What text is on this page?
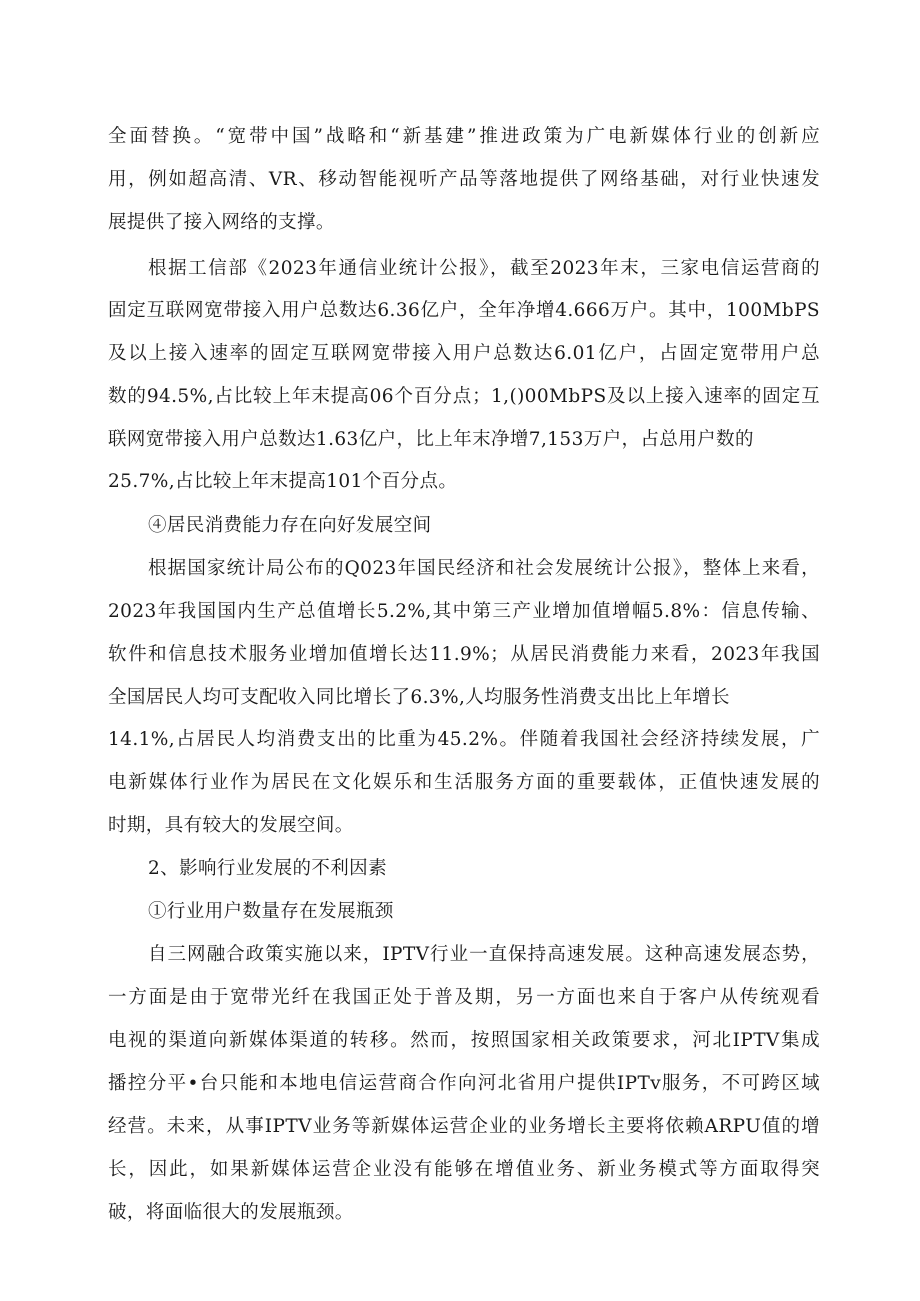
全面替换。“宽带中国”战略和“新基建”推进政策为广电新媒体行业的创新应
用，例如超高清、VR、移动智能视听产品等落地提供了网络基础，对行业快速发
展提供了接入网络的支撑。
根据工信部《2023年通信业统计公报》，截至2023年末，三家电信运营商的
固定互联网宽带接入用户总数达6.36亿户，全年净增4.666万户。其中，100MbPS
及以上接入速率的固定互联网宽带接入用户总数达6.01亿户，占固定宽带用户总
数的94.5%,占比较上年末提高06个百分点；1,()00MbPS及以上接入速率的固定互
联网宽带接入用户总数达1.63亿户，比上年末净增7,153万户，占总用户数的
25.7%,占比较上年末提高101个百分点。
④居民消费能力存在向好发展空间
根据国家统计局公布的Q023年国民经济和社会发展统计公报》，整体上来看，
2023年我国国内生产总值增长5.2%,其中第三产业增加值增幅5.8%：信息传输、
软件和信息技术服务业增加值增长达11.9%；从居民消费能力来看，2023年我国
全国居民人均可支配收入同比增长了6.3%,人均服务性消费支出比上年增长
14.1%,占居民人均消费支出的比重为45.2%。伴随着我国社会经济持续发展，广
电新媒体行业作为居民在文化娱乐和生活服务方面的重要载体，正值快速发展的
时期，具有较大的发展空间。
2、影响行业发展的不利因素
①行业用户数量存在发展瓶颈
自三网融合政策实施以来，IPTV行业一直保持高速发展。这种高速发展态势，
一方面是由于宽带光纤在我国正处于普及期，另一方面也来自于客户从传统观看
电视的渠道向新媒体渠道的转移。然而，按照国家相关政策要求，河北IPTV集成
播控分平•台只能和本地电信运营商合作向河北省用户提供IPTv服务，不可跨区域
经营。未来，从事IPTV业务等新媒体运营企业的业务增长主要将依赖ARPU值的增
长，因此，如果新媒体运营企业没有能够在增值业务、新业务模式等方面取得突
破，将面临很大的发展瓶颈。
